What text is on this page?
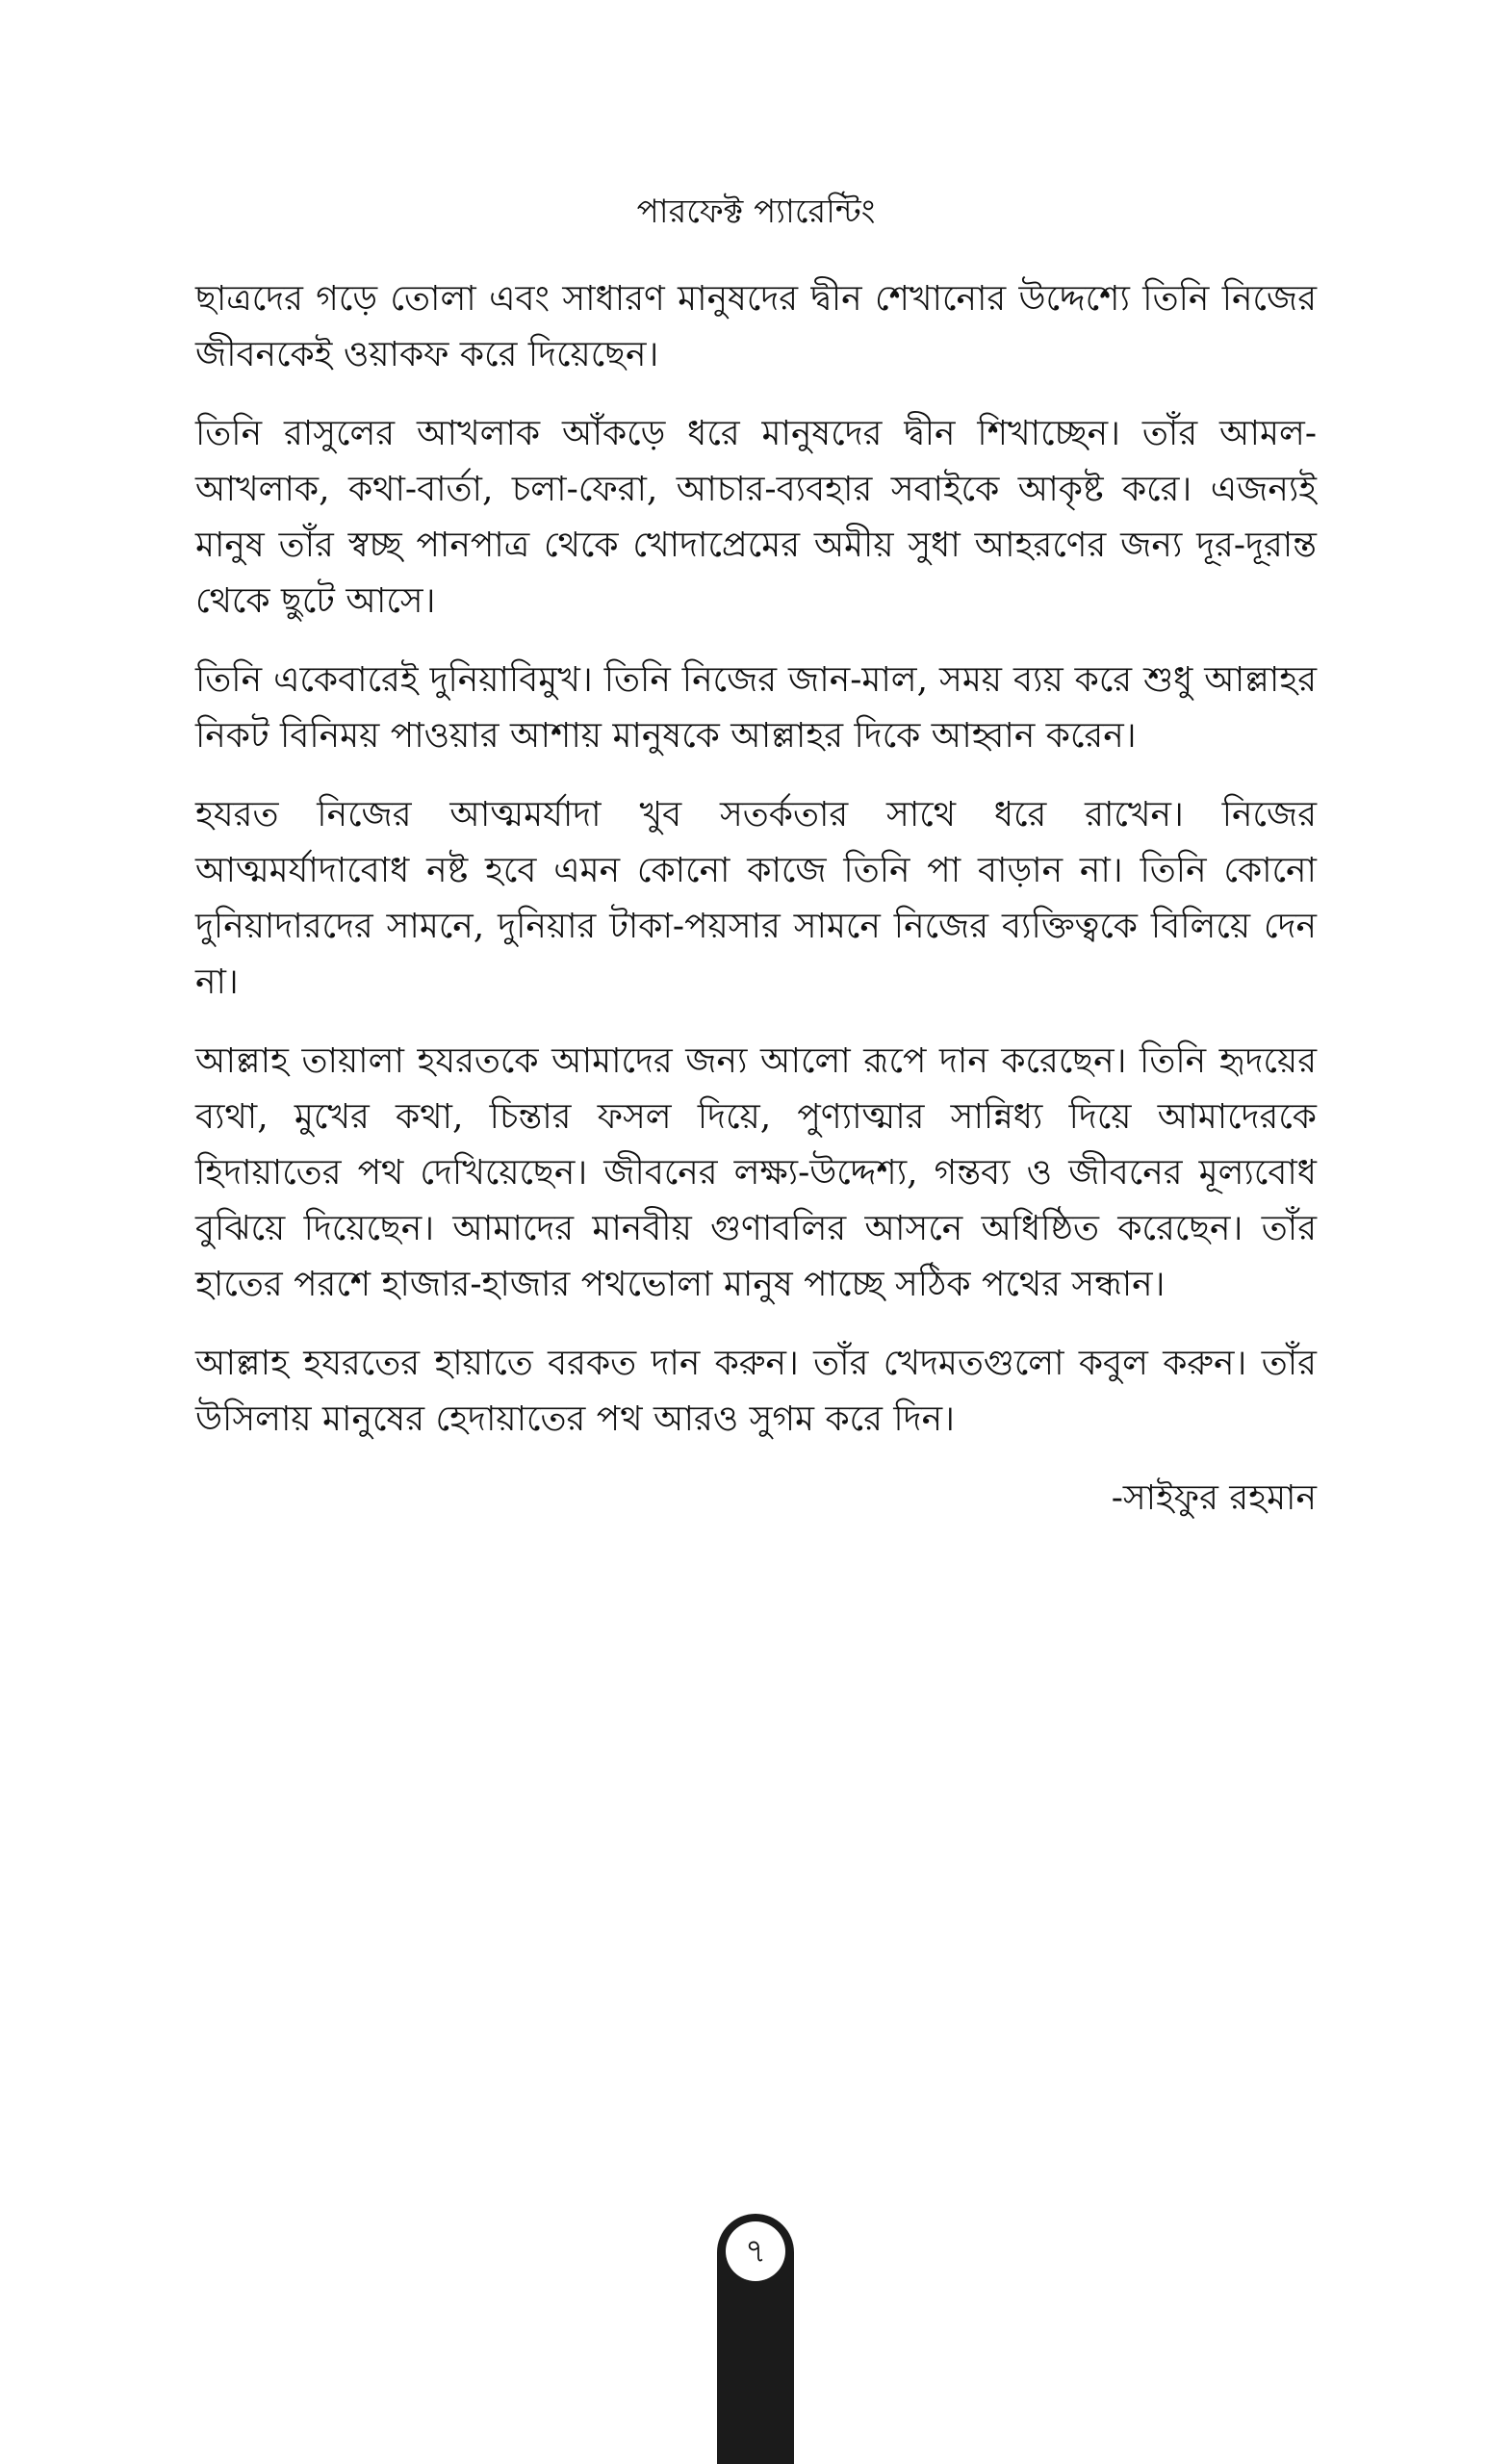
পারফেক্ট প্যারেন্টিং

ছাত্রদের গড়ে তোলা এবং সাধারণ মানুষদের দ্বীন শেখানোর উদ্দেশ্যে তিনি নিজের জীবনকেই ওয়াকফ করে দিয়েছেন।

তিনি রাসুলের আখলাক আঁকড়ে ধরে মানুষদের দ্বীন শিখাচ্ছেন। তাঁর আমল-আখলাক, কথা-বার্তা, চলা-ফেরা, আচার-ব্যবহার সবাইকে আকৃষ্ট করে। এজন্যই মানুষ তাঁর স্বচ্ছ পানপাত্র থেকে খোদাপ্রেমের অমীয় সুধা আহরণের জন্য দূর-দূরান্ত থেকে ছুটে আসে।

তিনি একেবারেই দুনিয়াবিমুখ। তিনি নিজের জান-মাল, সময় ব্যয় করে শুধু আল্লাহর নিকট বিনিময় পাওয়ার আশায় মানুষকে আল্লাহর দিকে আহ্বান করেন।

হযরত নিজের আত্মমর্যাদা খুব সতর্কতার সাথে ধরে রাখেন। নিজের আত্মমর্যাদাবোধ নষ্ট হবে এমন কোনো কাজে তিনি পা বাড়ান না। তিনি কোনো দুনিয়াদারদের সামনে, দুনিয়ার টাকা-পয়সার সামনে নিজের ব্যক্তিত্বকে বিলিয়ে দেন না।

আল্লাহ তায়ালা হযরতকে আমাদের জন্য আলো রূপে দান করেছেন। তিনি হৃদয়ের ব্যথা, মুখের কথা, চিন্তার ফসল দিয়ে, পুণ্যাত্মার সান্নিধ্য দিয়ে আমাদেরকে হিদায়াতের পথ দেখিয়েছেন। জীবনের লক্ষ্য-উদ্দেশ্য, গন্তব্য ও জীবনের মূল্যবোধ বুঝিয়ে দিয়েছেন। আমাদের মানবীয় গুণাবলির আসনে অধিষ্ঠিত করেছেন। তাঁর হাতের পরশে হাজার-হাজার পথভোলা মানুষ পাচ্ছে সঠিক পথের সন্ধান।

আল্লাহ হযরতের হায়াতে বরকত দান করুন। তাঁর খেদমতগুলো কবুল করুন। তাঁর উসিলায় মানুষের হেদায়াতের পথ আরও সুগম করে দিন।

-সাইফুর রহমান

৭
